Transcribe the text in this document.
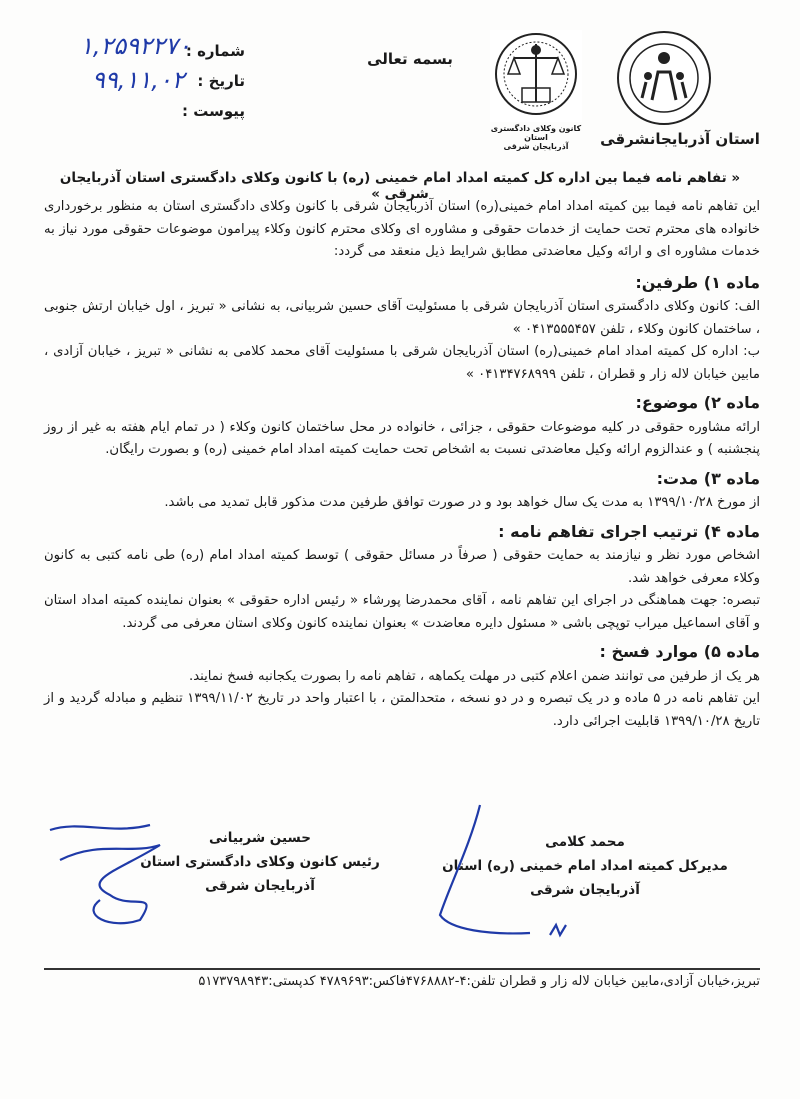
شماره :
تاریخ :
پیوست :
۱,۲۵۹۲۲۷۰
۹۹,۱۱,۰۲
بسمه تعالی
کانون وکلای دادگستری استان
آذربایجان شرقی	استان آذربایجانشرقی
« تفاهم نامه فیما بین اداره کل کمیته امداد امام خمینی (ره) با کانون وکلای دادگستری استان آذربایجان شرقی »

این تفاهم نامه فیما بین کمیته امداد امام خمینی(ره) استان آذربایجان شرقی با کانون وکلای دادگستری استان به منظور برخورداری خانواده های محترم تحت حمایت از خدمات حقوقی و مشاوره ای وکلای محترم کانون وکلاء پیرامون موضوعات حقوقی مورد نیاز به خدمات مشاوره ای و ارائه وکیل معاضدتی مطابق شرایط ذیل منعقد می گردد:

ماده ۱) طرفین:

الف: کانون وکلای دادگستری استان آذربایجان شرقی با مسئولیت آقای حسین شربیانی، به نشانی « تبریز ، اول خیابان ارتش جنوبی ، ساختمان کانون وکلاء ، تلفن ۰۴۱۳۵۵۵۴۵۷ »

ب: اداره کل کمیته امداد امام خمینی(ره) استان آذربایجان شرقی با مسئولیت آقای محمد کلامی به نشانی « تبریز ، خیابان آزادی ، مابین خیابان لاله زار و قطران ، تلفن ۰۴۱۳۴۷۶۸۹۹۹ »

ماده ۲) موضوع:

ارائه مشاوره حقوقی در کلیه موضوعات حقوقی ، جزائی ، خانواده در محل ساختمان کانون وکلاء ( در تمام ایام هفته به غیر از روز پنجشنبه ) و عندالزوم ارائه وکیل معاضدتی نسبت به اشخاص تحت حمایت کمیته امداد امام خمینی (ره) و بصورت رایگان.

ماده ۳) مدت:

از مورخ ۱۳۹۹/۱۰/۲۸ به مدت یک سال خواهد بود و در صورت توافق طرفین مدت مذکور قابل تمدید می باشد.

ماده ۴) ترتیب اجرای تفاهم نامه :

اشخاص مورد نظر و نیازمند به حمایت حقوقی ( صرفاً در مسائل حقوقی ) توسط کمیته امداد امام (ره) طی نامه کتبی به کانون وکلاء معرفی خواهد شد.

تبصره: جهت هماهنگی در اجرای این تفاهم نامه ، آقای محمدرضا پورشاء « رئیس اداره حقوقی » بعنوان نماینده کمیته امداد استان و آقای اسماعیل میراب توپچی باشی « مسئول دایره معاضدت » بعنوان نماینده کانون وکلای استان معرفی می گردند.

ماده ۵) موارد فسخ :

هر یک از طرفین می توانند ضمن اعلام کتبی در مهلت یکماهه ، تفاهم نامه را بصورت یکجانبه فسخ نمایند.

این تفاهم نامه در ۵ ماده و در یک تبصره و در دو نسخه ، متحدالمتن ، با اعتبار واحد در تاریخ ۱۳۹۹/۱۱/۰۲ تنظیم و مبادله گردید و از تاریخ ۱۳۹۹/۱۰/۲۸ قابلیت اجرائی دارد.

حسین شربیانی
رئیس کانون وکلای دادگستری استان
آذربایجان شرقی
محمد کلامی
مدیرکل کمیته امداد امام خمینی (ره) استان
آذربایجان شرقی
تبریز،خیابان آزادی،مابین خیابان لاله زار و قطران تلفن:۴-۴۷۶۸۸۸۲فاکس:۴۷۸۹۶۹۳ کدپستی:۵۱۷۳۷۹۸۹۴۳
